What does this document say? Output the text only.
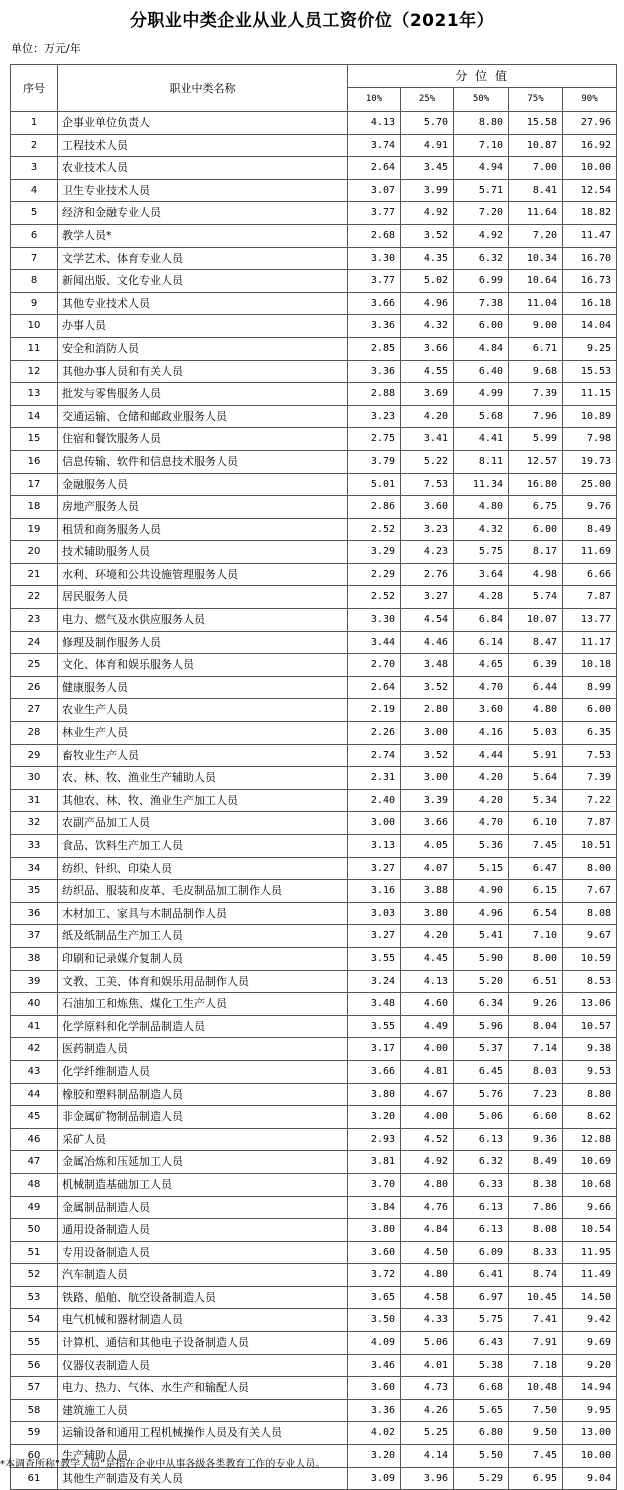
分职业中类企业从业人员工资价位（2021年）
单位：万元/年
序号	职业中类名称	分 位 值				
		10%	25%	50%	75%	90%
1	企事业单位负责人	4.13	5.70	8.80	15.58	27.96
2	工程技术人员	3.74	4.91	7.10	10.87	16.92
3	农业技术人员	2.64	3.45	4.94	7.00	10.00
4	卫生专业技术人员	3.07	3.99	5.71	8.41	12.54
5	经济和金融专业人员	3.77	4.92	7.20	11.64	18.82
6	教学人员*	2.68	3.52	4.92	7.20	11.47
7	文学艺术、体育专业人员	3.30	4.35	6.32	10.34	16.70
8	新闻出版、文化专业人员	3.77	5.02	6.99	10.64	16.73
9	其他专业技术人员	3.66	4.96	7.38	11.04	16.18
10	办事人员	3.36	4.32	6.00	9.00	14.04
11	安全和消防人员	2.85	3.66	4.84	6.71	9.25
12	其他办事人员和有关人员	3.36	4.55	6.40	9.68	15.53
13	批发与零售服务人员	2.88	3.69	4.99	7.39	11.15
14	交通运输、仓储和邮政业服务人员	3.23	4.20	5.68	7.96	10.89
15	住宿和餐饮服务人员	2.75	3.41	4.41	5.99	7.98
16	信息传输、软件和信息技术服务人员	3.79	5.22	8.11	12.57	19.73
17	金融服务人员	5.01	7.53	11.34	16.80	25.00
18	房地产服务人员	2.86	3.60	4.80	6.75	9.76
19	租赁和商务服务人员	2.52	3.23	4.32	6.00	8.49
20	技术辅助服务人员	3.29	4.23	5.75	8.17	11.69
21	水利、环境和公共设施管理服务人员	2.29	2.76	3.64	4.98	6.66
22	居民服务人员	2.52	3.27	4.28	5.74	7.87
23	电力、燃气及水供应服务人员	3.30	4.54	6.84	10.07	13.77
24	修理及制作服务人员	3.44	4.46	6.14	8.47	11.17
25	文化、体育和娱乐服务人员	2.70	3.48	4.65	6.39	10.18
26	健康服务人员	2.64	3.52	4.70	6.44	8.99
27	农业生产人员	2.19	2.80	3.60	4.80	6.00
28	林业生产人员	2.26	3.00	4.16	5.03	6.35
29	畜牧业生产人员	2.74	3.52	4.44	5.91	7.53
30	农、林、牧、渔业生产辅助人员	2.31	3.00	4.20	5.64	7.39
31	其他农、林、牧、渔业生产加工人员	2.40	3.39	4.20	5.34	7.22
32	农副产品加工人员	3.00	3.66	4.70	6.10	7.87
33	食品、饮料生产加工人员	3.13	4.05	5.36	7.45	10.51
34	纺织、针织、印染人员	3.27	4.07	5.15	6.47	8.00
35	纺织品、服装和皮革、毛皮制品加工制作人员	3.16	3.88	4.90	6.15	7.67
36	木材加工、家具与木制品制作人员	3.03	3.80	4.96	6.54	8.08
37	纸及纸制品生产加工人员	3.27	4.20	5.41	7.10	9.67
38	印刷和记录媒介复制人员	3.55	4.45	5.90	8.00	10.59
39	文教、工美、体育和娱乐用品制作人员	3.24	4.13	5.20	6.51	8.53
40	石油加工和炼焦、煤化工生产人员	3.48	4.60	6.34	9.26	13.06
41	化学原料和化学制品制造人员	3.55	4.49	5.96	8.04	10.57
42	医药制造人员	3.17	4.00	5.37	7.14	9.38
43	化学纤维制造人员	3.66	4.81	6.45	8.03	9.53
44	橡胶和塑料制品制造人员	3.80	4.67	5.76	7.23	8.80
45	非金属矿物制品制造人员	3.20	4.00	5.06	6.60	8.62
46	采矿人员	2.93	4.52	6.13	9.36	12.88
47	金属冶炼和压延加工人员	3.81	4.92	6.32	8.49	10.69
48	机械制造基础加工人员	3.70	4.80	6.33	8.38	10.68
49	金属制品制造人员	3.84	4.76	6.13	7.86	9.66
50	通用设备制造人员	3.80	4.84	6.13	8.08	10.54
51	专用设备制造人员	3.60	4.50	6.09	8.33	11.95
52	汽车制造人员	3.72	4.80	6.41	8.74	11.49
53	铁路、船舶、航空设备制造人员	3.65	4.58	6.97	10.45	14.50
54	电气机械和器材制造人员	3.50	4.33	5.75	7.41	9.42
55	计算机、通信和其他电子设备制造人员	4.09	5.06	6.43	7.91	9.69
56	仪器仪表制造人员	3.46	4.01	5.38	7.18	9.20
57	电力、热力、气体、水生产和输配人员	3.60	4.73	6.68	10.48	14.94
58	建筑施工人员	3.36	4.26	5.65	7.50	9.95
59	运输设备和通用工程机械操作人员及有关人员	4.02	5.25	6.80	9.50	13.00
60	生产辅助人员	3.20	4.14	5.50	7.45	10.00
61	其他生产制造及有关人员	3.09	3.96	5.29	6.95	9.04
*本调查所称“教学人员”是指在企业中从事各级各类教育工作的专业人员。
